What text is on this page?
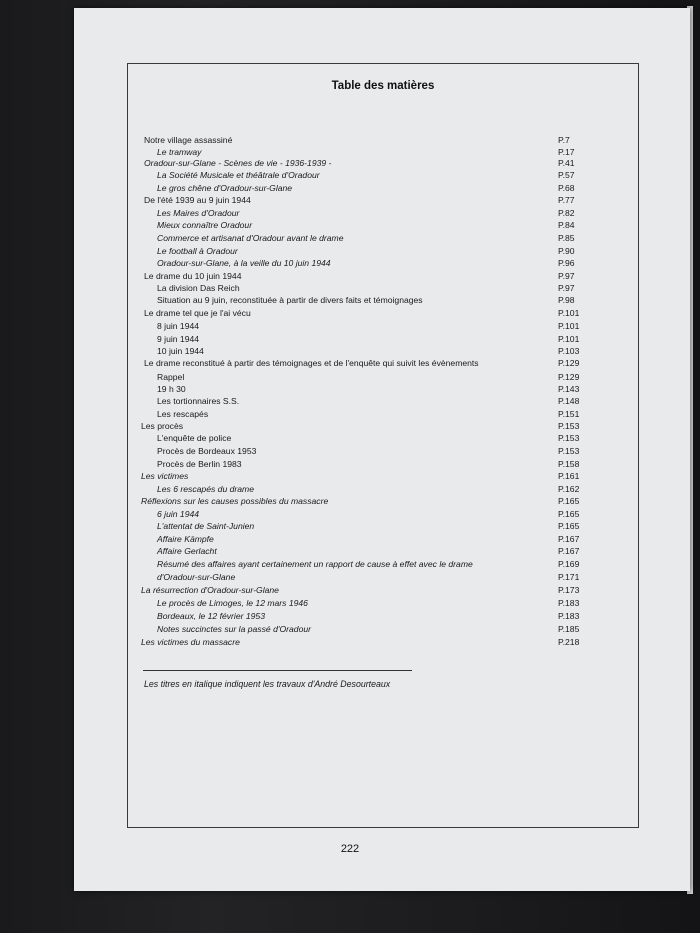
Table des matières
Notre village assassiné	P.7
Le tramway	P.17
Oradour-sur-Glane - Scènes de vie - 1936-1939 -	P.41
La Société Musicale et théâtrale d'Oradour	P.57
Le gros chêne d'Oradour-sur-Glane	P.68
De l'été 1939 au 9 juin 1944	P.77
Les Maires d'Oradour	P.82
Mieux connaître Oradour	P.84
Commerce et artisanat d'Oradour avant le drame	P.85
Le football à Oradour	P.90
Oradour-sur-Glane, à la veille du 10 juin 1944	P.96
Le drame du 10 juin 1944	P.97
La division Das Reich	P.97
Situation au 9 juin, reconstituée à partir de divers faits et témoignages	P.98
Le drame tel que je l'ai vécu	P.101
8 juin 1944	P.101
9 juin 1944	P.101
10 juin 1944	P.103
Le drame reconstitué à partir des témoignages et de l'enquête qui suivit les évènements	P.129
Rappel	P.129
19 h 30	P.143
Les tortionnaires S.S.	P.148
Les rescapés	P.151
Les procès	P.153
L'enquête de police	P.153
Procès de Bordeaux 1953	P.153
Procès de Berlin 1983	P.158
Les victimes	P.161
Les 6 rescapés du drame	P.162
Réflexions sur les causes possibles du massacre	P.165
6 juin 1944	P.165
L'attentat de Saint-Junien	P.165
Affaire Kämpfe	P.167
Affaire Gerlacht	P.167
Résumé des affaires ayant certainement un rapport de cause à effet avec le drame	P.169
d'Oradour-sur-Glane	P.171
La résurrection d'Oradour-sur-Glane	P.173
Le procès de Limoges, le 12 mars 1946	P.183
Bordeaux, le 12 février 1953	P.183
Notes succinctes sur la passé d'Oradour	P.185
Les victimes du massacre	P.218
Les titres en italique indiquent les travaux d'André Desourteaux
222
